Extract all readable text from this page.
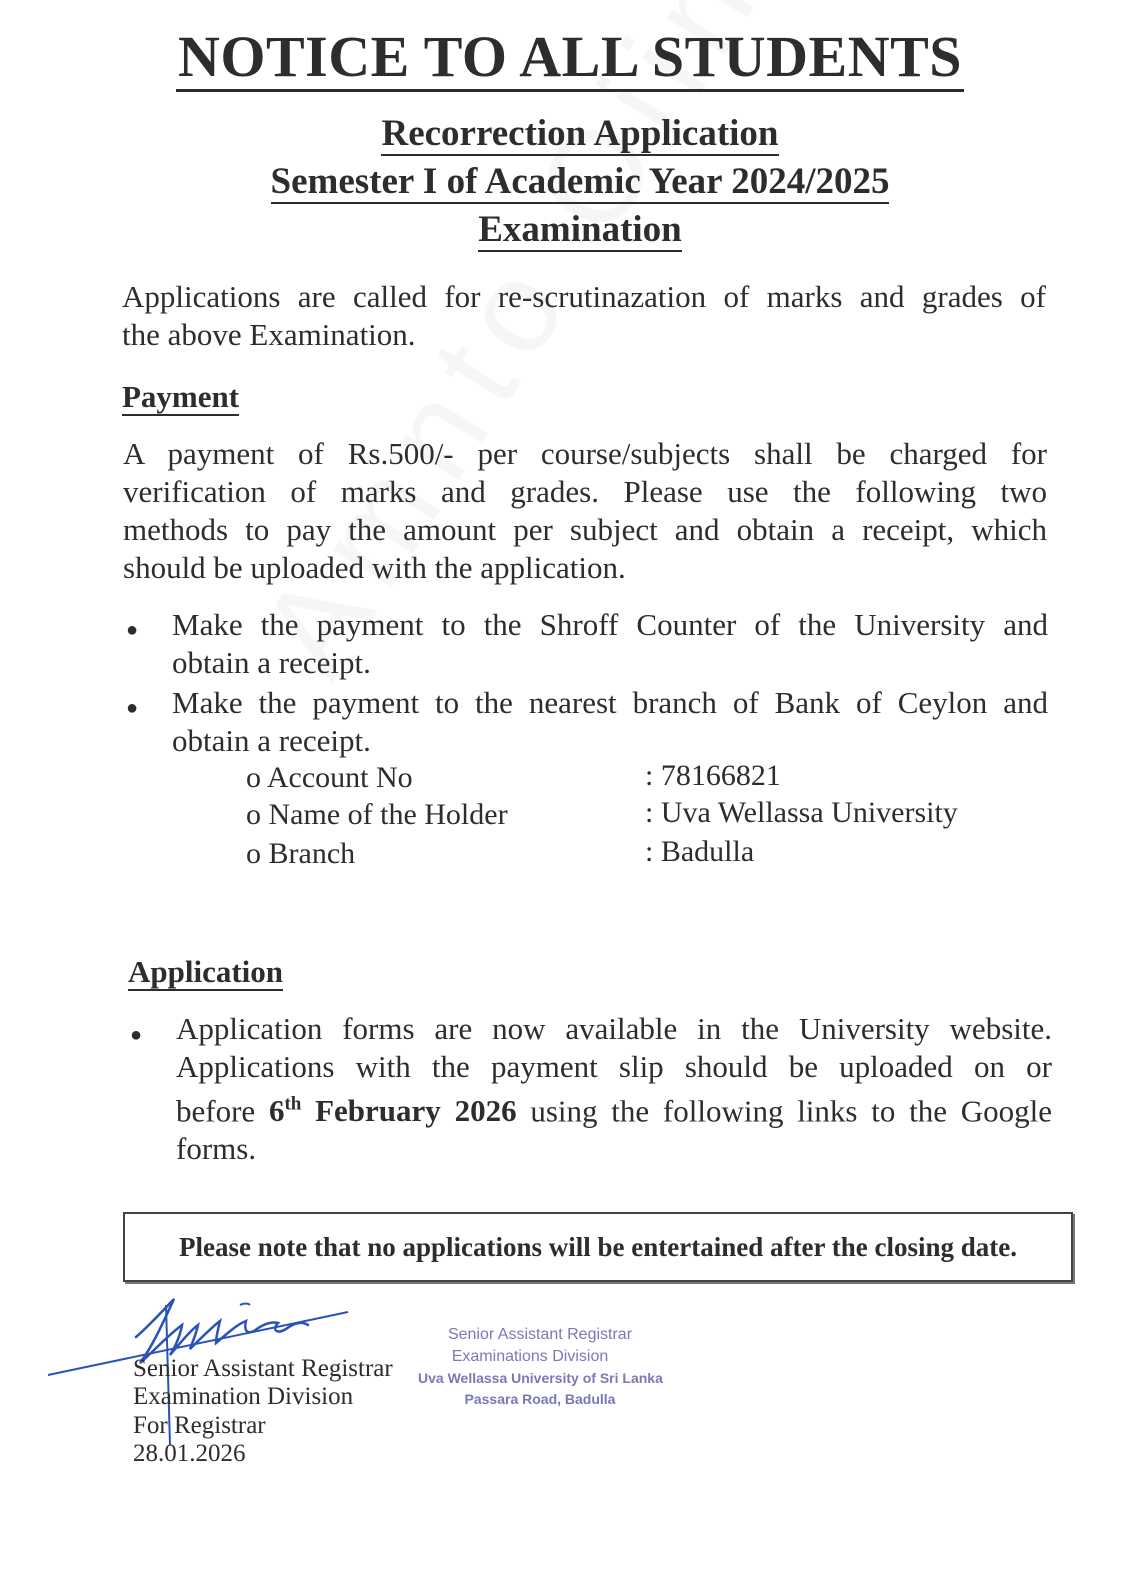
NOTICE TO ALL STUDENTS
Recorrection Application
Semester I of Academic Year 2024/2025
Examination
Applications are called for re-scrutinazation of marks and grades of
the above Examination.
Payment
A payment of Rs.500/- per course/subjects shall be charged for
verification of marks and grades. Please use the following two
methods to pay the amount per subject and obtain a receipt, which
should be uploaded with the application.
● Make the payment to the Shroff Counter of the University and
obtain a receipt.
● Make the payment to the nearest branch of Bank of Ceylon and
obtain a receipt.
o Account No	: 78166821
o Name of the Holder	: Uva Wellassa University
o Branch	: Badulla
Application
● Application forms are now available in the University website.
Applications with the payment slip should be uploaded on or
before 6th February 2026 using the following links to the Google
forms.
Please note that no applications will be entertained after the closing date.
Senior Assistant Registrar
Examination Division
For Registrar
28.01.2026
Senior Assistant Registrar
Examinations Division
Uva Wellassa University of Sri Lanka
Passara Road, Badulla
